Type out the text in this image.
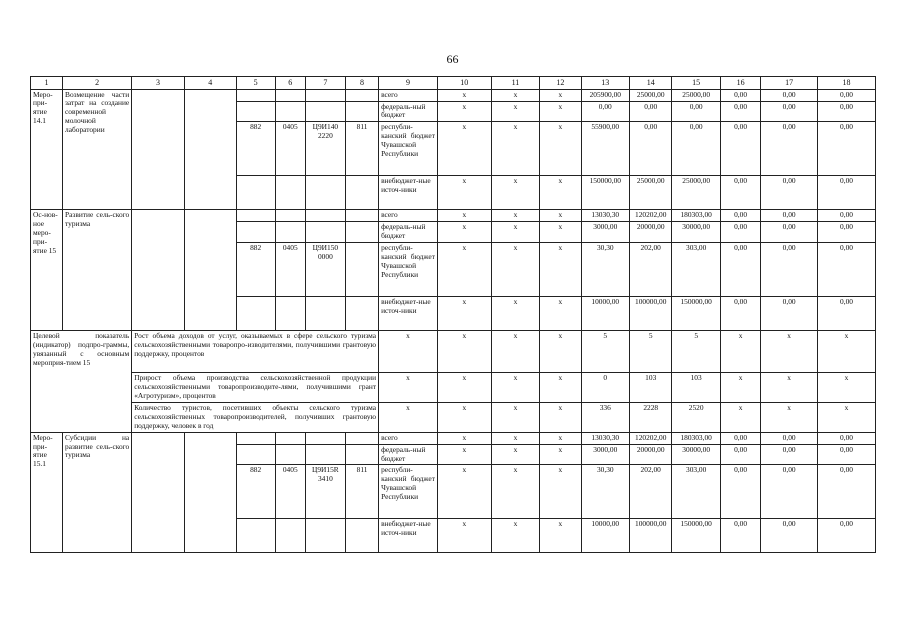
66
1	2	3	4	5	6	7	8	9	10	11	12	13	14	15	16	17	18
Меро-при-ятие 14.1	Возмещение части затрат на создание современной молочной лаборатории							всего	x	x	x	205900,00	25000,00	25000,00	0,00	0,00	0,00
								федераль-ный бюджет	x	x	x	0,00	0,00	0,00	0,00	0,00	0,00
				882	0405	Ц9И140 2220	811	республи-канский бюджет Чувашской Республики	x	x	x	55900,00	0,00	0,00	0,00	0,00	0,00
								внебюджет-ные источ-ники	x	x	x	150000,00	25000,00	25000,00	0,00	0,00	0,00
Ос-нов-ное меро-при-ятие 15	Развитие сель-ского туризма							всего	x	x	x	13030,30	120202,00	180303,00	0,00	0,00	0,00
								федераль-ный бюджет	x	x	x	3000,00	20000,00	30000,00	0,00	0,00	0,00
				882	0405	Ц9И150 0000		республи-канский бюджет Чувашской Республики	x	x	x	30,30	202,00	303,00	0,00	0,00	0,00
								внебюджет-ные источ-ники	x	x	x	10000,00	100000,00	150000,00	0,00	0,00	0,00
Целевой показатель (индикатор) подпро-граммы, увязанный с основным мероприя-тием 15		Рост объема доходов от услуг, оказываемых в сфере сельского туризма сельскохозяйственными товаропро-изводителями, получившими грантовую поддержку, процентов						x	x	x	x	5	5	5	x	x	x
		Прирост объема производства сельскохозяйственной продукции сельскохозяйственными товаропроизводите-лями, получившими грант «Агротуризм», процентов						x	x	x	x	0	103	103	x	x	x
		Количество туристов, посетивших объекты сельского туризма сельскохозяйственных товаропроизводителей, получивших грантовую поддержку, человек в год						x	x	x	x	336	2228	2520	x	x	x
Меро-при-ятие 15.1	Субсидии на развитие сель-ского туризма							всего	x	x	x	13030,30	120202,00	180303,00	0,00	0,00	0,00
								федераль-ный бюджет	x	x	x	3000,00	20000,00	30000,00	0,00	0,00	0,00
				882	0405	Ц9И15R 3410	811	республи-канский бюджет Чувашской Республики	x	x	x	30,30	202,00	303,00	0,00	0,00	0,00
								внебюджет-ные источ-ники	x	x	x	10000,00	100000,00	150000,00	0,00	0,00	0,00
